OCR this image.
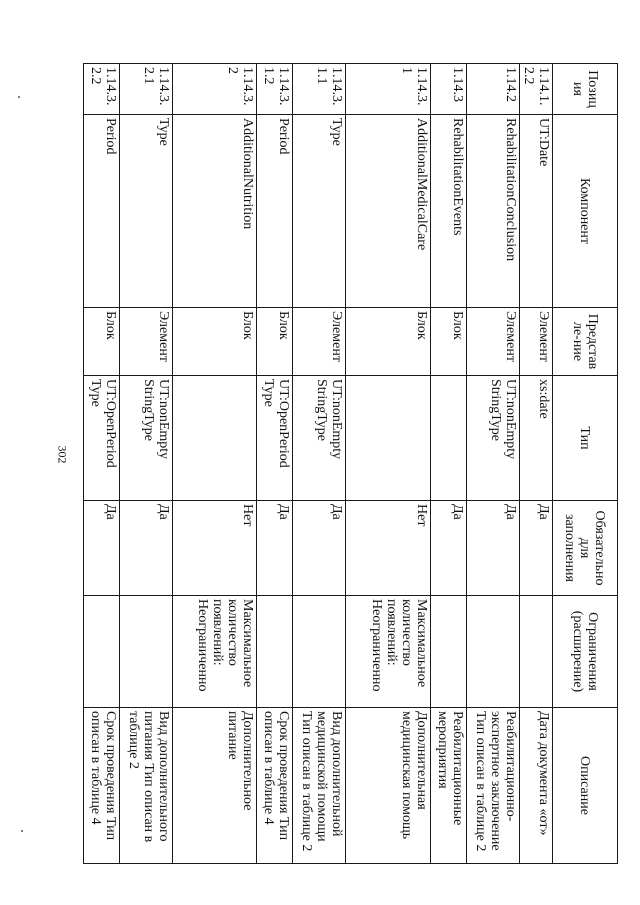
302
Позиция	Компонент	Представле-ние	Тип	Обязательно для заполнения	Ограничения (расширение)	Описание
1.14.1.2.2	UT:Date	Элемент	xs:date	Да		Дата документа «от»
1.14.2	RehabilitationConclusion	Элемент	UT:nonEmpty StringType	Да		Реабилитационно-экспертное заключение Тип описан в таблице 2
1.14.3	RehabilitationEvents	Блок		Да		Реабилитационные мероприятия
1.14.3.1	AdditionalMedicalCare	Блок		Нет	Максимальное количество появлений: Неограниченно	Дополнительная медицинская помощь
1.14.3.1.1	Type	Элемент	UT:nonEmpty StringType	Да		Вид дополнительной медицинской помощи Тип описан в таблице 2
1.14.3.1.2	Period	Блок	UT:OpenPeriod Type	Да		Срок проведения Тип описан в таблице 4
1.14.3.2	AdditionalNutrition	Блок		Нет	Максимальное количество появлений: Неограниченно	Дополнительное питание
1.14.3.2.1	Type	Элемент	UT:nonEmpty StringType	Да		Вид дополнительного питания Тип описан в таблице 2
1.14.3.2.2	Period	Блок	UT:OpenPeriod Type	Да		Срок проведения Тип описан в таблице 4
